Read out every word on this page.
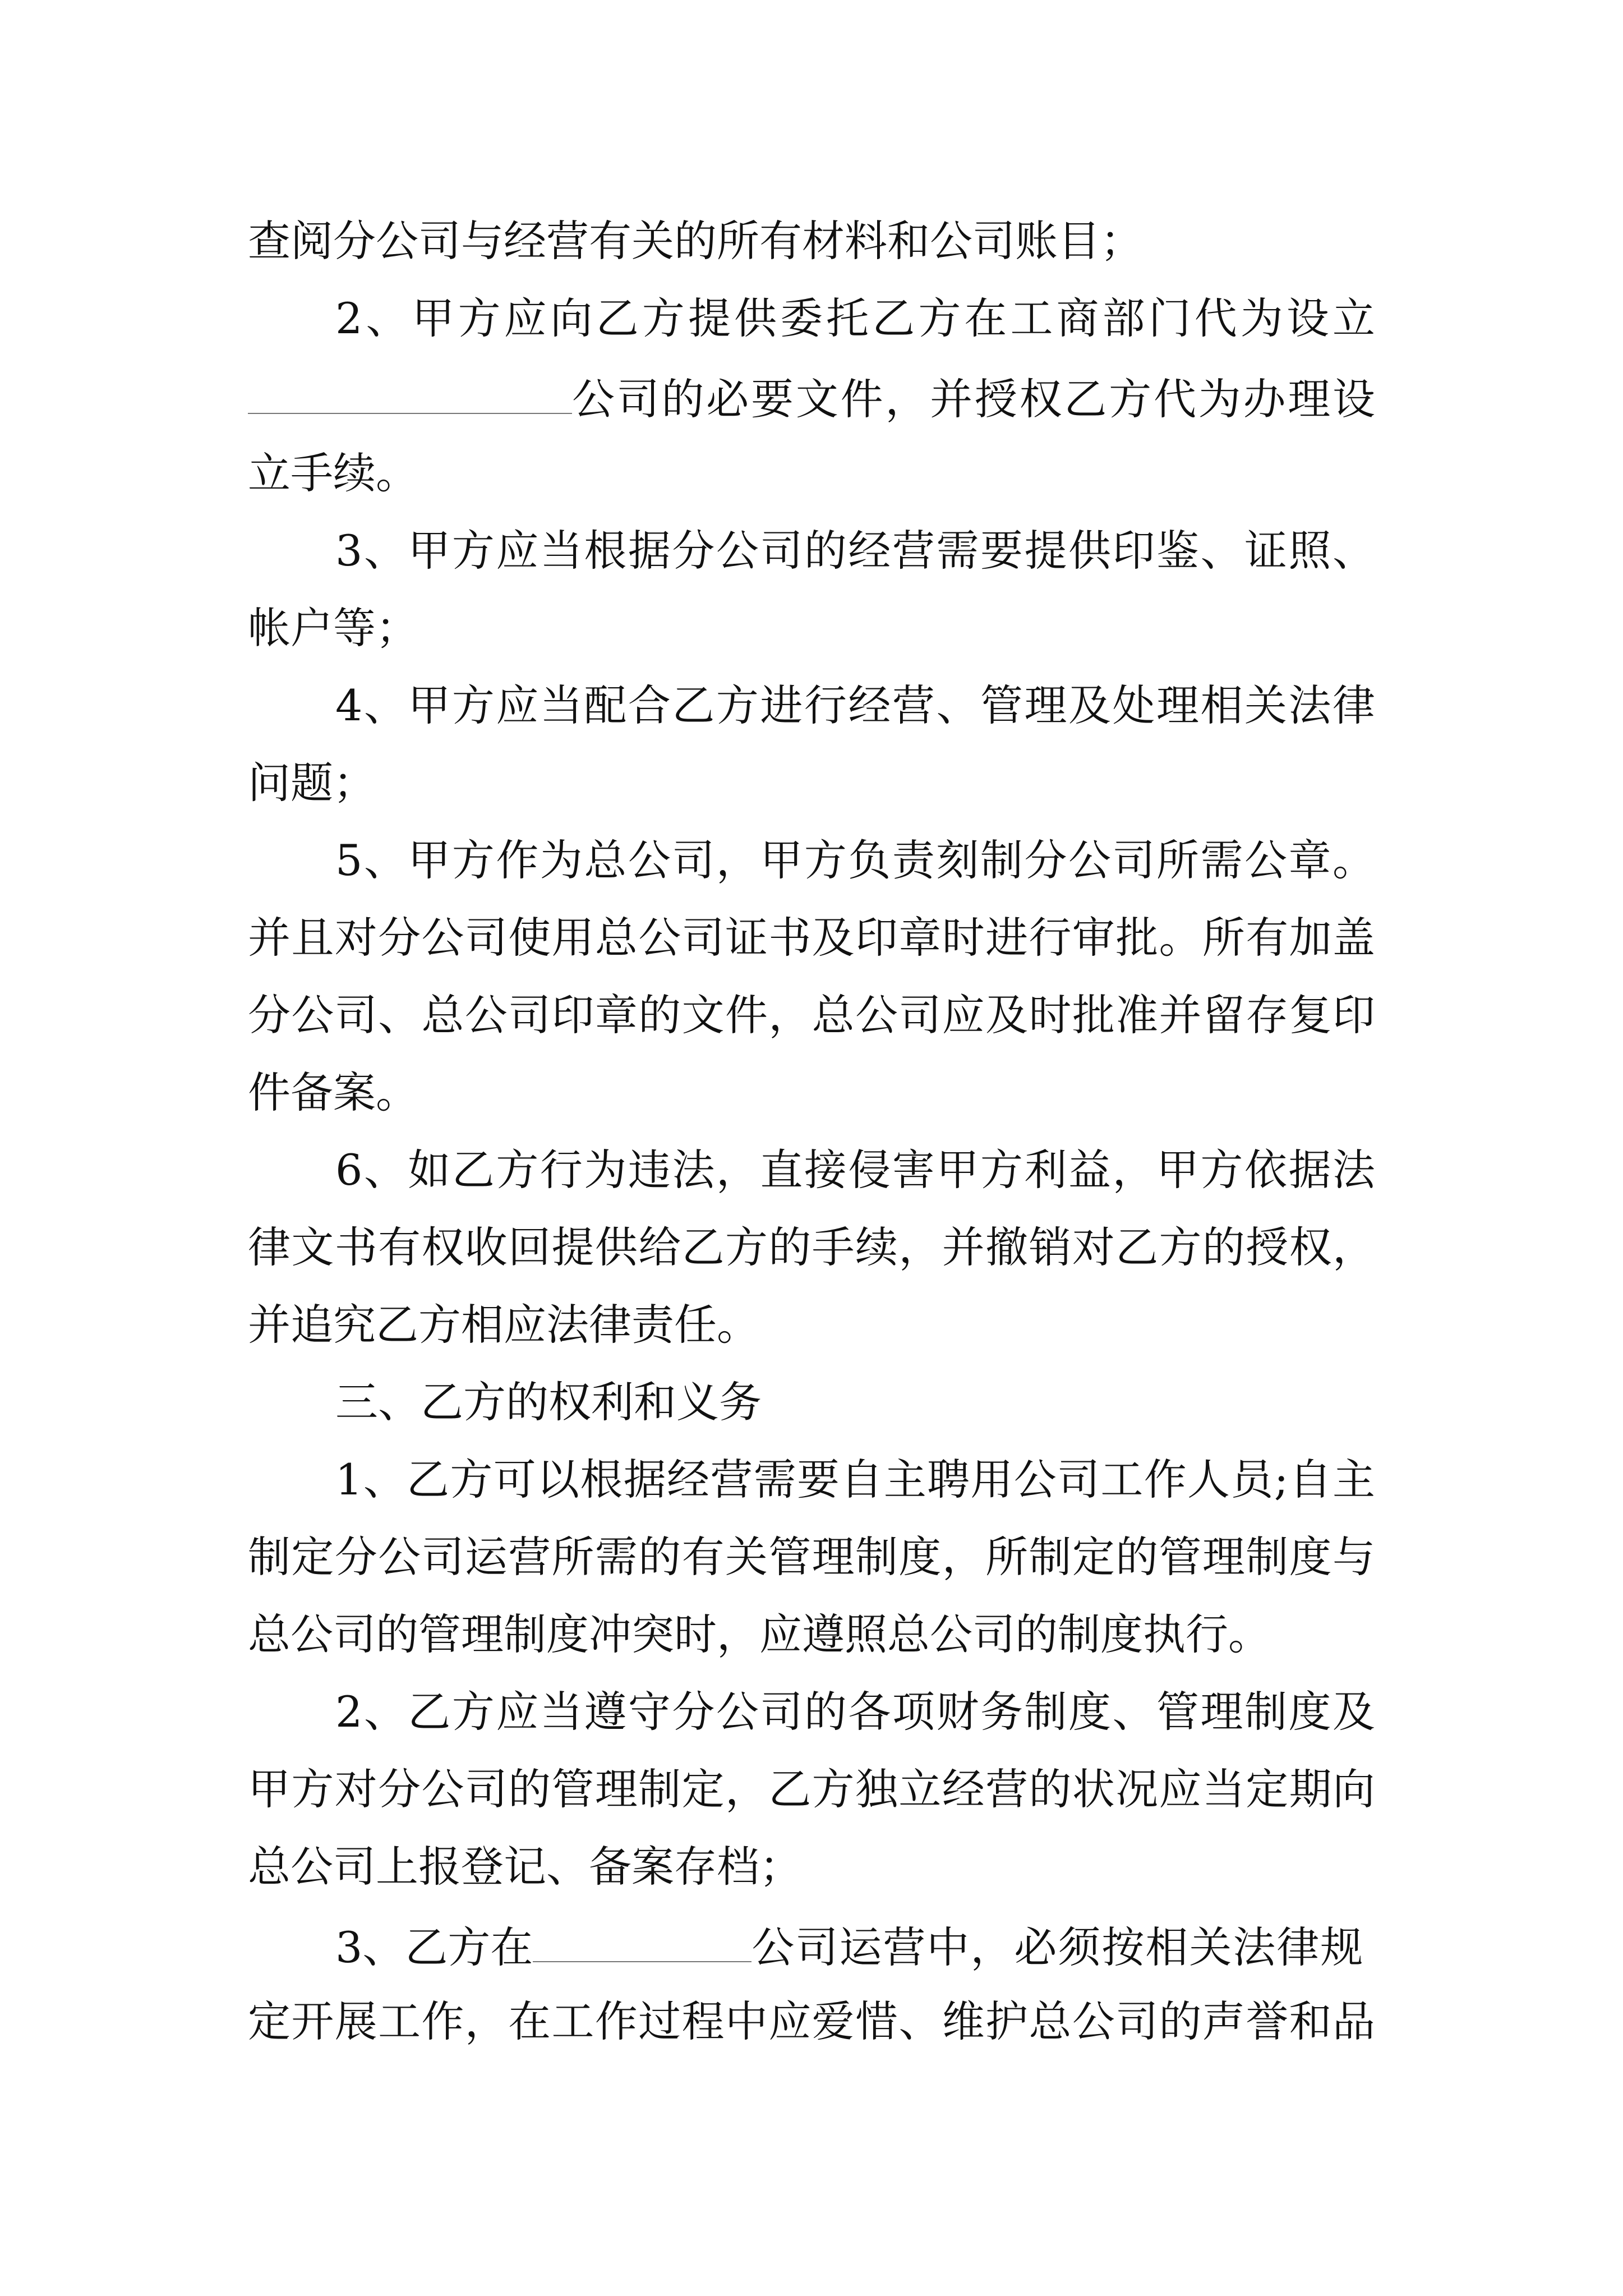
查阅分公司与经营有关的所有材料和公司账目；
2、甲方应向乙方提供委托乙方在工商部门代为设立
公司的必要文件，并授权乙方代为办理设
立手续。
3、甲方应当根据分公司的经营需要提供印鉴、证照、
帐户等；
4、甲方应当配合乙方进行经营、管理及处理相关法律
问题；
5、甲方作为总公司，甲方负责刻制分公司所需公章。
并且对分公司使用总公司证书及印章时进行审批。所有加盖
分公司、总公司印章的文件，总公司应及时批准并留存复印
件备案。
6、如乙方行为违法，直接侵害甲方利益，甲方依据法
律文书有权收回提供给乙方的手续，并撤销对乙方的授权，
并追究乙方相应法律责任。
三、乙方的权利和义务
1、乙方可以根据经营需要自主聘用公司工作人员;自主
制定分公司运营所需的有关管理制度，所制定的管理制度与
总公司的管理制度冲突时，应遵照总公司的制度执行。
2、乙方应当遵守分公司的各项财务制度、管理制度及
甲方对分公司的管理制定，乙方独立经营的状况应当定期向
总公司上报登记、备案存档；
3、乙方在	公司运营中，必须按相关法律规
定开展工作，在工作过程中应爱惜、维护总公司的声誉和品
